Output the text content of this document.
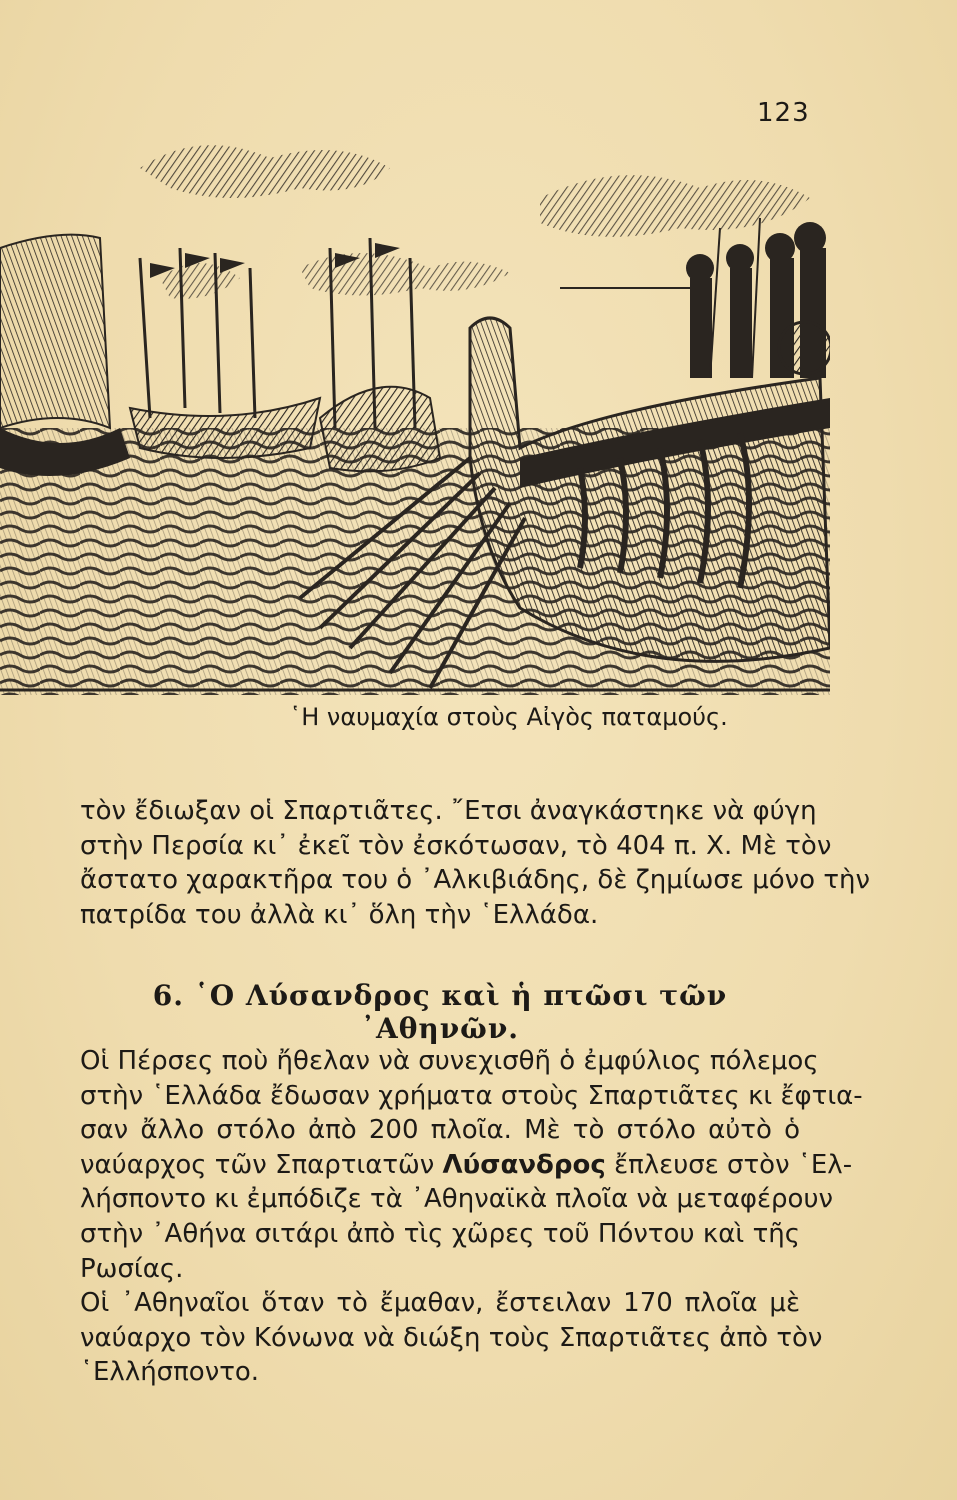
123
῾Η ναυμαχία στοὺς Αἰγὸς παταμούς.
τὸν ἔδιωξαν οἱ Σπαρτιᾶτες. ῎Ετσι ἀναγκάστηκε νὰ φύγη
στὴν Περσία κι᾽ ἐκεῖ τὸν ἐσκότωσαν, τὸ 404 π. Χ. Μὲ τὸν
ἄστατο χαρακτῆρα του ὁ ᾽Αλκιβιάδης, δὲ ζημίωσε μόνο τὴν
πατρίδα του ἀλλὰ κι᾽ ὅλη τὴν ῾Ελλάδα.
6. ῾Ο Λύσανδρος καὶ ἡ πτῶσι τῶν ᾽Αθηνῶν.
Οἱ Πέρσες ποὺ ἤθελαν νὰ συνεχισθῆ ὁ ἐμφύλιος πόλεμος
στὴν ῾Ελλάδα ἔδωσαν χρήματα στοὺς Σπαρτιᾶτες κι ἔφτια-
σαν ἄλλο στόλο ἀπὸ 200 πλοῖα. Μὲ τὸ στόλο αὐτὸ ὁ
ναύαρχος τῶν Σπαρτιατῶν Λύσανδρος ἔπλευσε στὸν ῾Ελ-
λήσποντο κι ἐμπόδιζε τὰ ᾽Αθηναϊκὰ πλοῖα νὰ μεταφέρουν
στὴν ᾽Αθήνα σιτάρι ἀπὸ τὶς χῶρες τοῦ Πόντου καὶ τῆς
Ρωσίας.
Οἱ ᾽Αθηναῖοι ὅταν τὸ ἔμαθαν, ἔστειλαν 170 πλοῖα μὲ
ναύαρχο τὸν Κόνωνα νὰ διώξη τοὺς Σπαρτιᾶτες ἀπὸ τὸν
῾Ελλήσποντο.
